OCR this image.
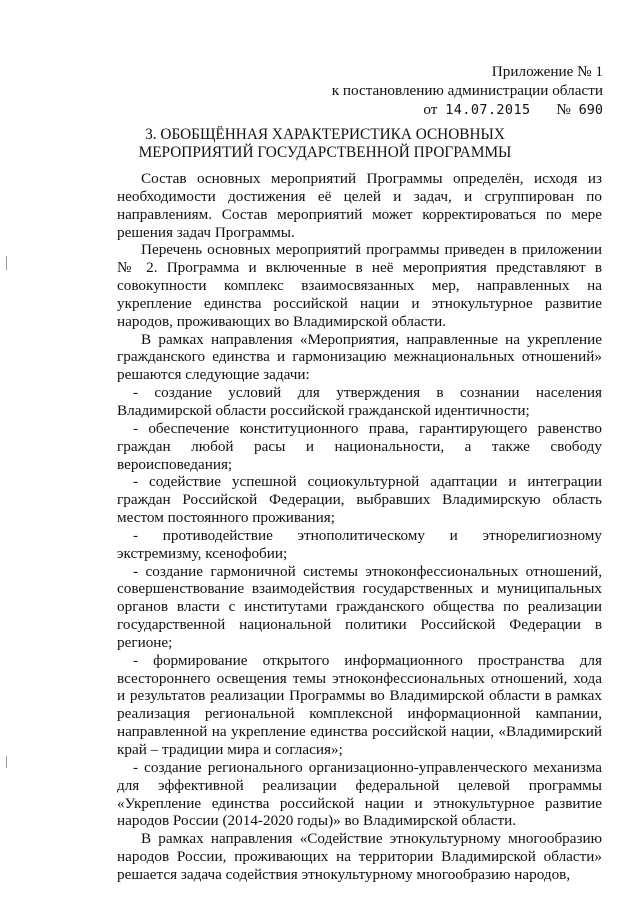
Приложение № 1
к постановлению администрации области
от 14.07.2015 № 690
3. ОБОБЩЁННАЯ ХАРАКТЕРИСТИКА ОСНОВНЫХ
МЕРОПРИЯТИЙ ГОСУДАРСТВЕННОЙ ПРОГРАММЫ

Состав основных мероприятий Программы определён, исходя из необходимости достижения её целей и задач, и сгруппирован по направлениям. Состав мероприятий может корректироваться по мере решения задач Программы.

Перечень основных мероприятий программы приведен в приложении № 2. Программа и включенные в неё мероприятия представляют в совокупности комплекс взаимосвязанных мер, направленных на укрепление единства российской нации и этнокультурное развитие народов, проживающих во Владимирской области.

В рамках направления «Мероприятия, направленные на укрепление гражданского единства и гармонизацию межнациональных отношений» решаются следующие задачи:

- создание условий для утверждения в сознании населения Владимирской области российской гражданской идентичности;

- обеспечение конституционного права, гарантирующего равенство граждан любой расы и национальности, а также свободу вероисповедания;

- содействие успешной социокультурной адаптации и интеграции граждан Российской Федерации, выбравших Владимирскую область местом постоянного проживания;

- противодействие этнополитическому и этнорелигиозному экстремизму, ксенофобии;

- создание гармоничной системы этноконфессиональных отношений, совершенствование взаимодействия государственных и муниципальных органов власти с институтами гражданского общества по реализации государственной национальной политики Российской Федерации в регионе;

- формирование открытого информационного пространства для всестороннего освещения темы этноконфессиональных отношений, хода и результатов реализации Программы во Владимирской области в рамках реализация региональной комплексной информационной кампании, направленной на укрепление единства российской нации, «Владимирский край – традиции мира и согласия»;

- создание регионального организационно-управленческого механизма для эффективной реализации федеральной целевой программы «Укрепление единства российской нации и этнокультурное развитие народов России (2014-2020 годы)» во Владимирской области.

В рамках направления «Содействие этнокультурному многообразию народов России, проживающих на территории Владимирской области» решается задача содействия этнокультурному многообразию народов,
